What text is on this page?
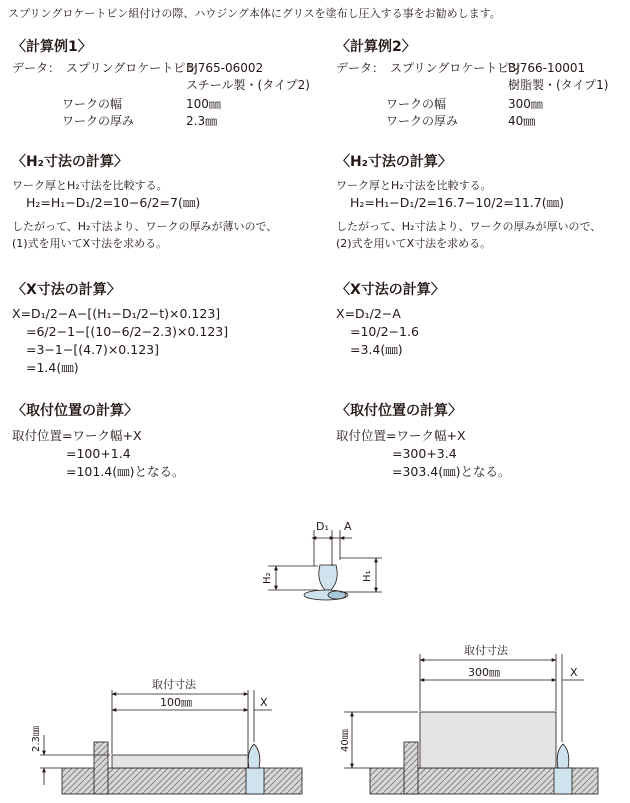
スプリングロケートピン組付けの際、ハウジング本体にグリスを塗布し圧入する事をお勧めします。
〈計算例1〉
データ： スプリングロケートピン
BJ765-06002
スチール製・(タイプ2)
ワークの幅	100㎜
ワークの厚み	2.3㎜
〈H₂寸法の計算〉
ワーク厚とH₂寸法を比較する。
H₂=H₁−D₁/2=10−6/2=7(㎜)
したがって、H₂寸法より、ワークの厚みが薄いので、
(1)式を用いてX寸法を求める。
〈X寸法の計算〉
X=D₁/2−A−[(H₁−D₁/2−t)×0.123]
=6/2−1−[(10−6/2−2.3)×0.123]
=3−1−[(4.7)×0.123]
=1.4(㎜)
〈取付位置の計算〉
取付位置=ワーク幅+X
=100+1.4
=101.4(㎜)となる。
〈計算例2〉
データ： スプリングロケートピン
BJ766-10001
樹脂製・(タイプ1)
ワークの幅	300㎜
ワークの厚み	40㎜
〈H₂寸法の計算〉
ワーク厚とH₂寸法を比較する。
H₂=H₁−D₁/2=16.7−10/2=11.7(㎜)
したがって、H₂寸法より、ワークの厚みが厚いので、
(2)式を用いてX寸法を求める。
〈X寸法の計算〉
X=D₁/2−A
=10/2−1.6
=3.4(㎜)
〈取付位置の計算〉
取付位置=ワーク幅+X
=300+3.4
=303.4(㎜)となる。
D₁ A
H₂	H₁
取付寸法
100㎜	X
2.3㎜
取付寸法
300㎜	X
40㎜
